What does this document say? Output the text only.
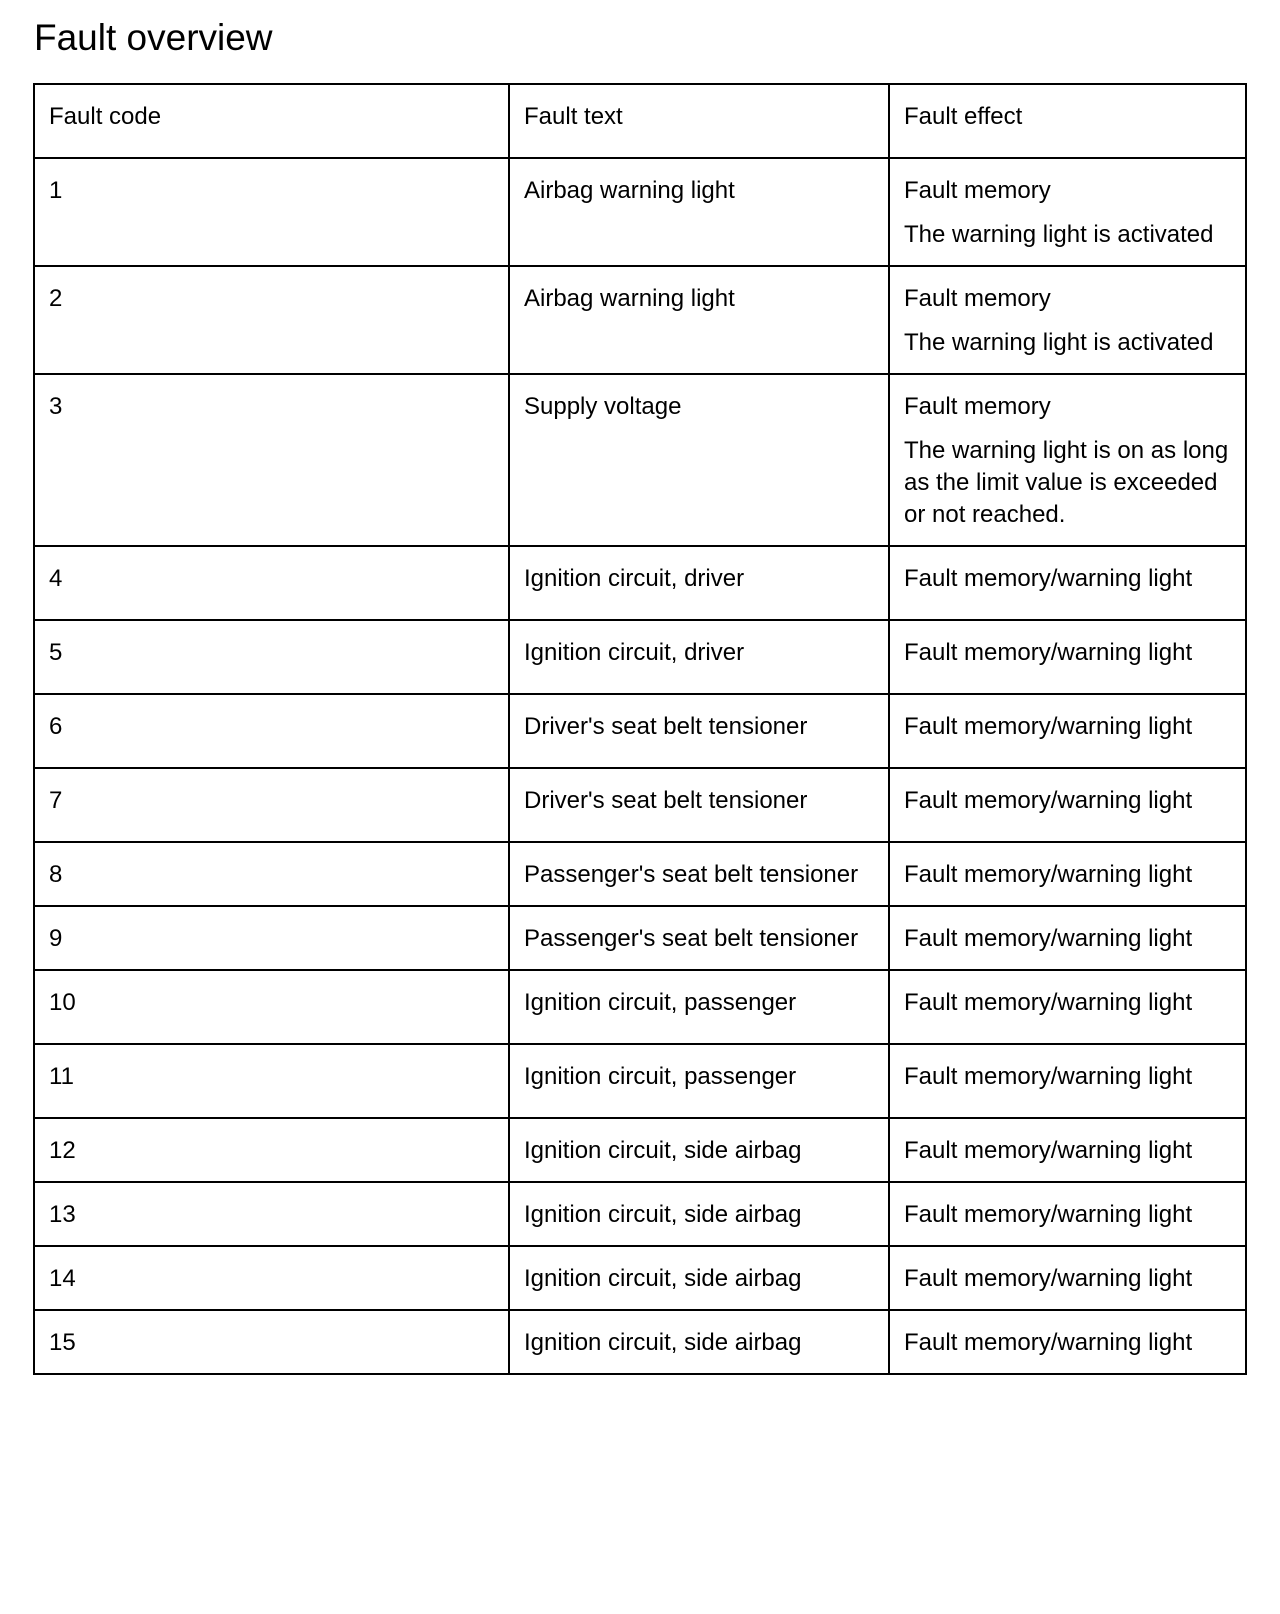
Fault overview
Fault code	Fault text	Fault effect
1	Airbag warning light	Fault memory
The warning light is activated

2	Airbag warning light	Fault memory
The warning light is activated

3	Supply voltage	Fault memory
The warning light is on as long as the limit value is exceeded or not reached.

4	Ignition circuit, driver	Fault memory/warning light

5	Ignition circuit, driver	Fault memory/warning light

6	Driver's seat belt tensioner	Fault memory/warning light

7	Driver's seat belt tensioner	Fault memory/warning light

8	Passenger's seat belt tensioner	Fault memory/warning light

9	Passenger's seat belt tensioner	Fault memory/warning light

10	Ignition circuit, passenger	Fault memory/warning light

11	Ignition circuit, passenger	Fault memory/warning light

12	Ignition circuit, side airbag	Fault memory/warning light

13	Ignition circuit, side airbag	Fault memory/warning light

14	Ignition circuit, side airbag	Fault memory/warning light

15	Ignition circuit, side airbag	Fault memory/warning light
